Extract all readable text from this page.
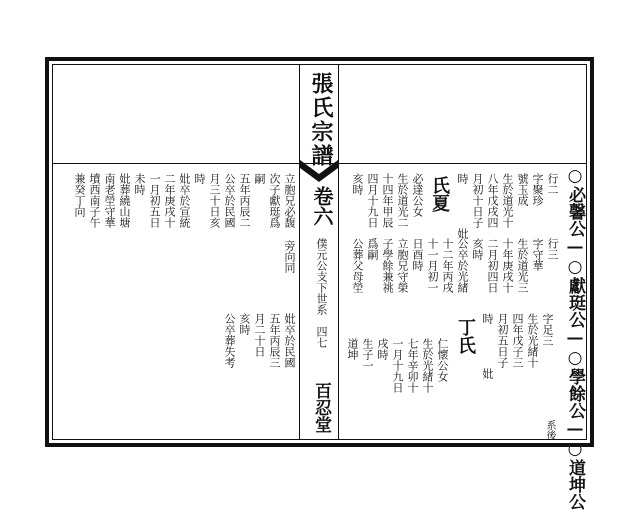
張氏宗譜
卷六
僕元公支下世系　四七
百忍堂	○必馨公—○獻珽公—○學餘公—○道坤公
系後
行二
字聚珍
號玉成
生於道光十
八年戊戌四
月初十日子
時　　　　妣
行三
字守華
生於道光三
十年庚戌十
二月初四日
亥時
公卒於光緒
十二年丙戌
十一月初一
日酉時
立胞兄守榮
子學餘兼祧
爲嗣
公葬父母塋
字足三
生於光緒十
四年戊子三
月初五日子
時　　　　妣
仁懷公女
生於光緒十
七年辛卯十
一月十九日
戌時
生子一
道坤
氏夏
丁氏
必達公女
生於道光二
十四年甲辰
四月十九日
亥時
立胞兄必馥
次子獻珽爲
嗣
五年丙辰二
公卒於民國
時 月三十日亥
妣卒於宣統
二年庚戌十
一月初五日
未時
妣葬繞山塘
南老塋守華
墳西南子午
兼癸丁向
旁向同
妣卒於民國
五年丙辰三
月二十日
亥時
公卒葬失考
